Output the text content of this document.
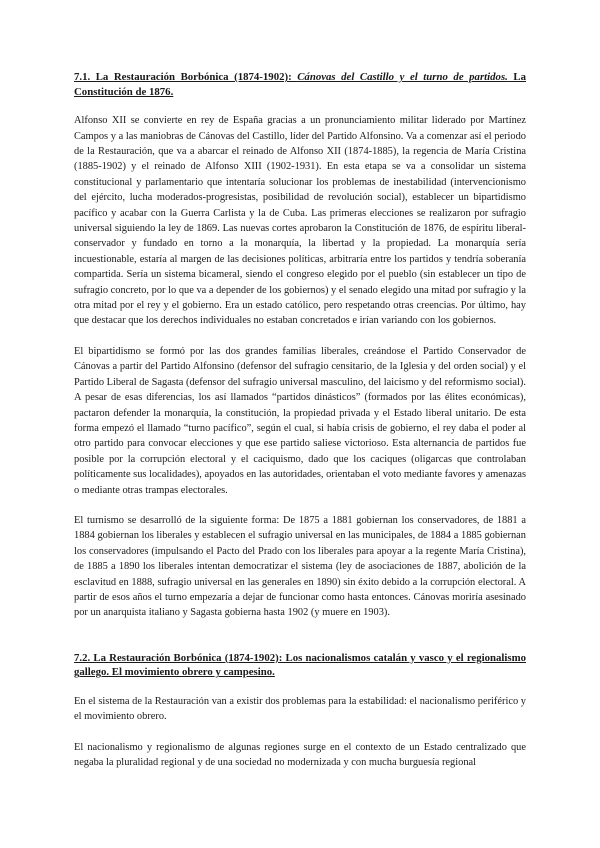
7.1. La Restauración Borbónica (1874-1902): Cánovas del Castillo y el turno de partidos. La Constitución de 1876.

Alfonso XII se convierte en rey de España gracias a un pronunciamiento militar liderado por Martínez Campos y a las maniobras de Cánovas del Castillo, líder del Partido Alfonsino. Va a comenzar así el periodo de la Restauración, que va a abarcar el reinado de Alfonso XII (1874-1885), la regencia de María Cristina (1885-1902) y el reinado de Alfonso XIII (1902-1931). En esta etapa se va a consolidar un sistema constitucional y parlamentario que intentaría solucionar los problemas de inestabilidad (intervencionismo del ejército, lucha moderados-progresistas, posibilidad de revolución social), establecer un bipartidismo pacífico y acabar con la Guerra Carlista y la de Cuba. Las primeras elecciones se realizaron por sufragio universal siguiendo la ley de 1869. Las nuevas cortes aprobaron la Constitución de 1876, de espíritu liberal-conservador y fundado en torno a la monarquía, la libertad y la propiedad. La monarquía sería incuestionable, estaría al margen de las decisiones políticas, arbitraría entre los partidos y tendría soberanía compartida. Sería un sistema bicameral, siendo el congreso elegido por el pueblo (sin establecer un tipo de sufragio concreto, por lo que va a depender de los gobiernos) y el senado elegido una mitad por sufragio y la otra mitad por el rey y el gobierno. Era un estado católico, pero respetando otras creencias. Por último, hay que destacar que los derechos individuales no estaban concretados e irían variando con los gobiernos.

El bipartidismo se formó por las dos grandes familias liberales, creándose el Partido Conservador de Cánovas a partir del Partido Alfonsino (defensor del sufragio censitario, de la Iglesia y del orden social) y el Partido Liberal de Sagasta (defensor del sufragio universal masculino, del laicismo y del reformismo social). A pesar de esas diferencias, los así llamados “partidos dinásticos” (formados por las élites económicas), pactaron defender la monarquía, la constitución, la propiedad privada y el Estado liberal unitario. De esta forma empezó el llamado “turno pacífico”, según el cual, si había crisis de gobierno, el rey daba el poder al otro partido para convocar elecciones y que ese partido saliese victorioso. Esta alternancia de partidos fue posible por la corrupción electoral y el caciquismo, dado que los caciques (oligarcas que controlaban políticamente sus localidades), apoyados en las autoridades, orientaban el voto mediante favores y amenazas o mediante otras trampas electorales.

El turnismo se desarrolló de la siguiente forma: De 1875 a 1881 gobiernan los conservadores, de 1881 a 1884 gobiernan los liberales y establecen el sufragio universal en las municipales, de 1884 a 1885 gobiernan los conservadores (impulsando el Pacto del Prado con los liberales para apoyar a la regente María Cristina), de 1885 a 1890 los liberales intentan democratizar el sistema (ley de asociaciones de 1887, abolición de la esclavitud en 1888, sufragio universal en las generales en 1890) sin éxito debido a la corrupción electoral. A partir de esos años el turno empezaría a dejar de funcionar como hasta entonces. Cánovas moriría asesinado por un anarquista italiano y Sagasta gobierna hasta 1902 (y muere en 1903).

7.2. La Restauración Borbónica (1874-1902): Los nacionalismos catalán y vasco y el regionalismo gallego. El movimiento obrero y campesino.

En el sistema de la Restauración van a existir dos problemas para la estabilidad: el nacionalismo periférico y el movimiento obrero.

El nacionalismo y regionalismo de algunas regiones surge en el contexto de un Estado centralizado que negaba la pluralidad regional y de una sociedad no modernizada y con mucha burguesía regional
